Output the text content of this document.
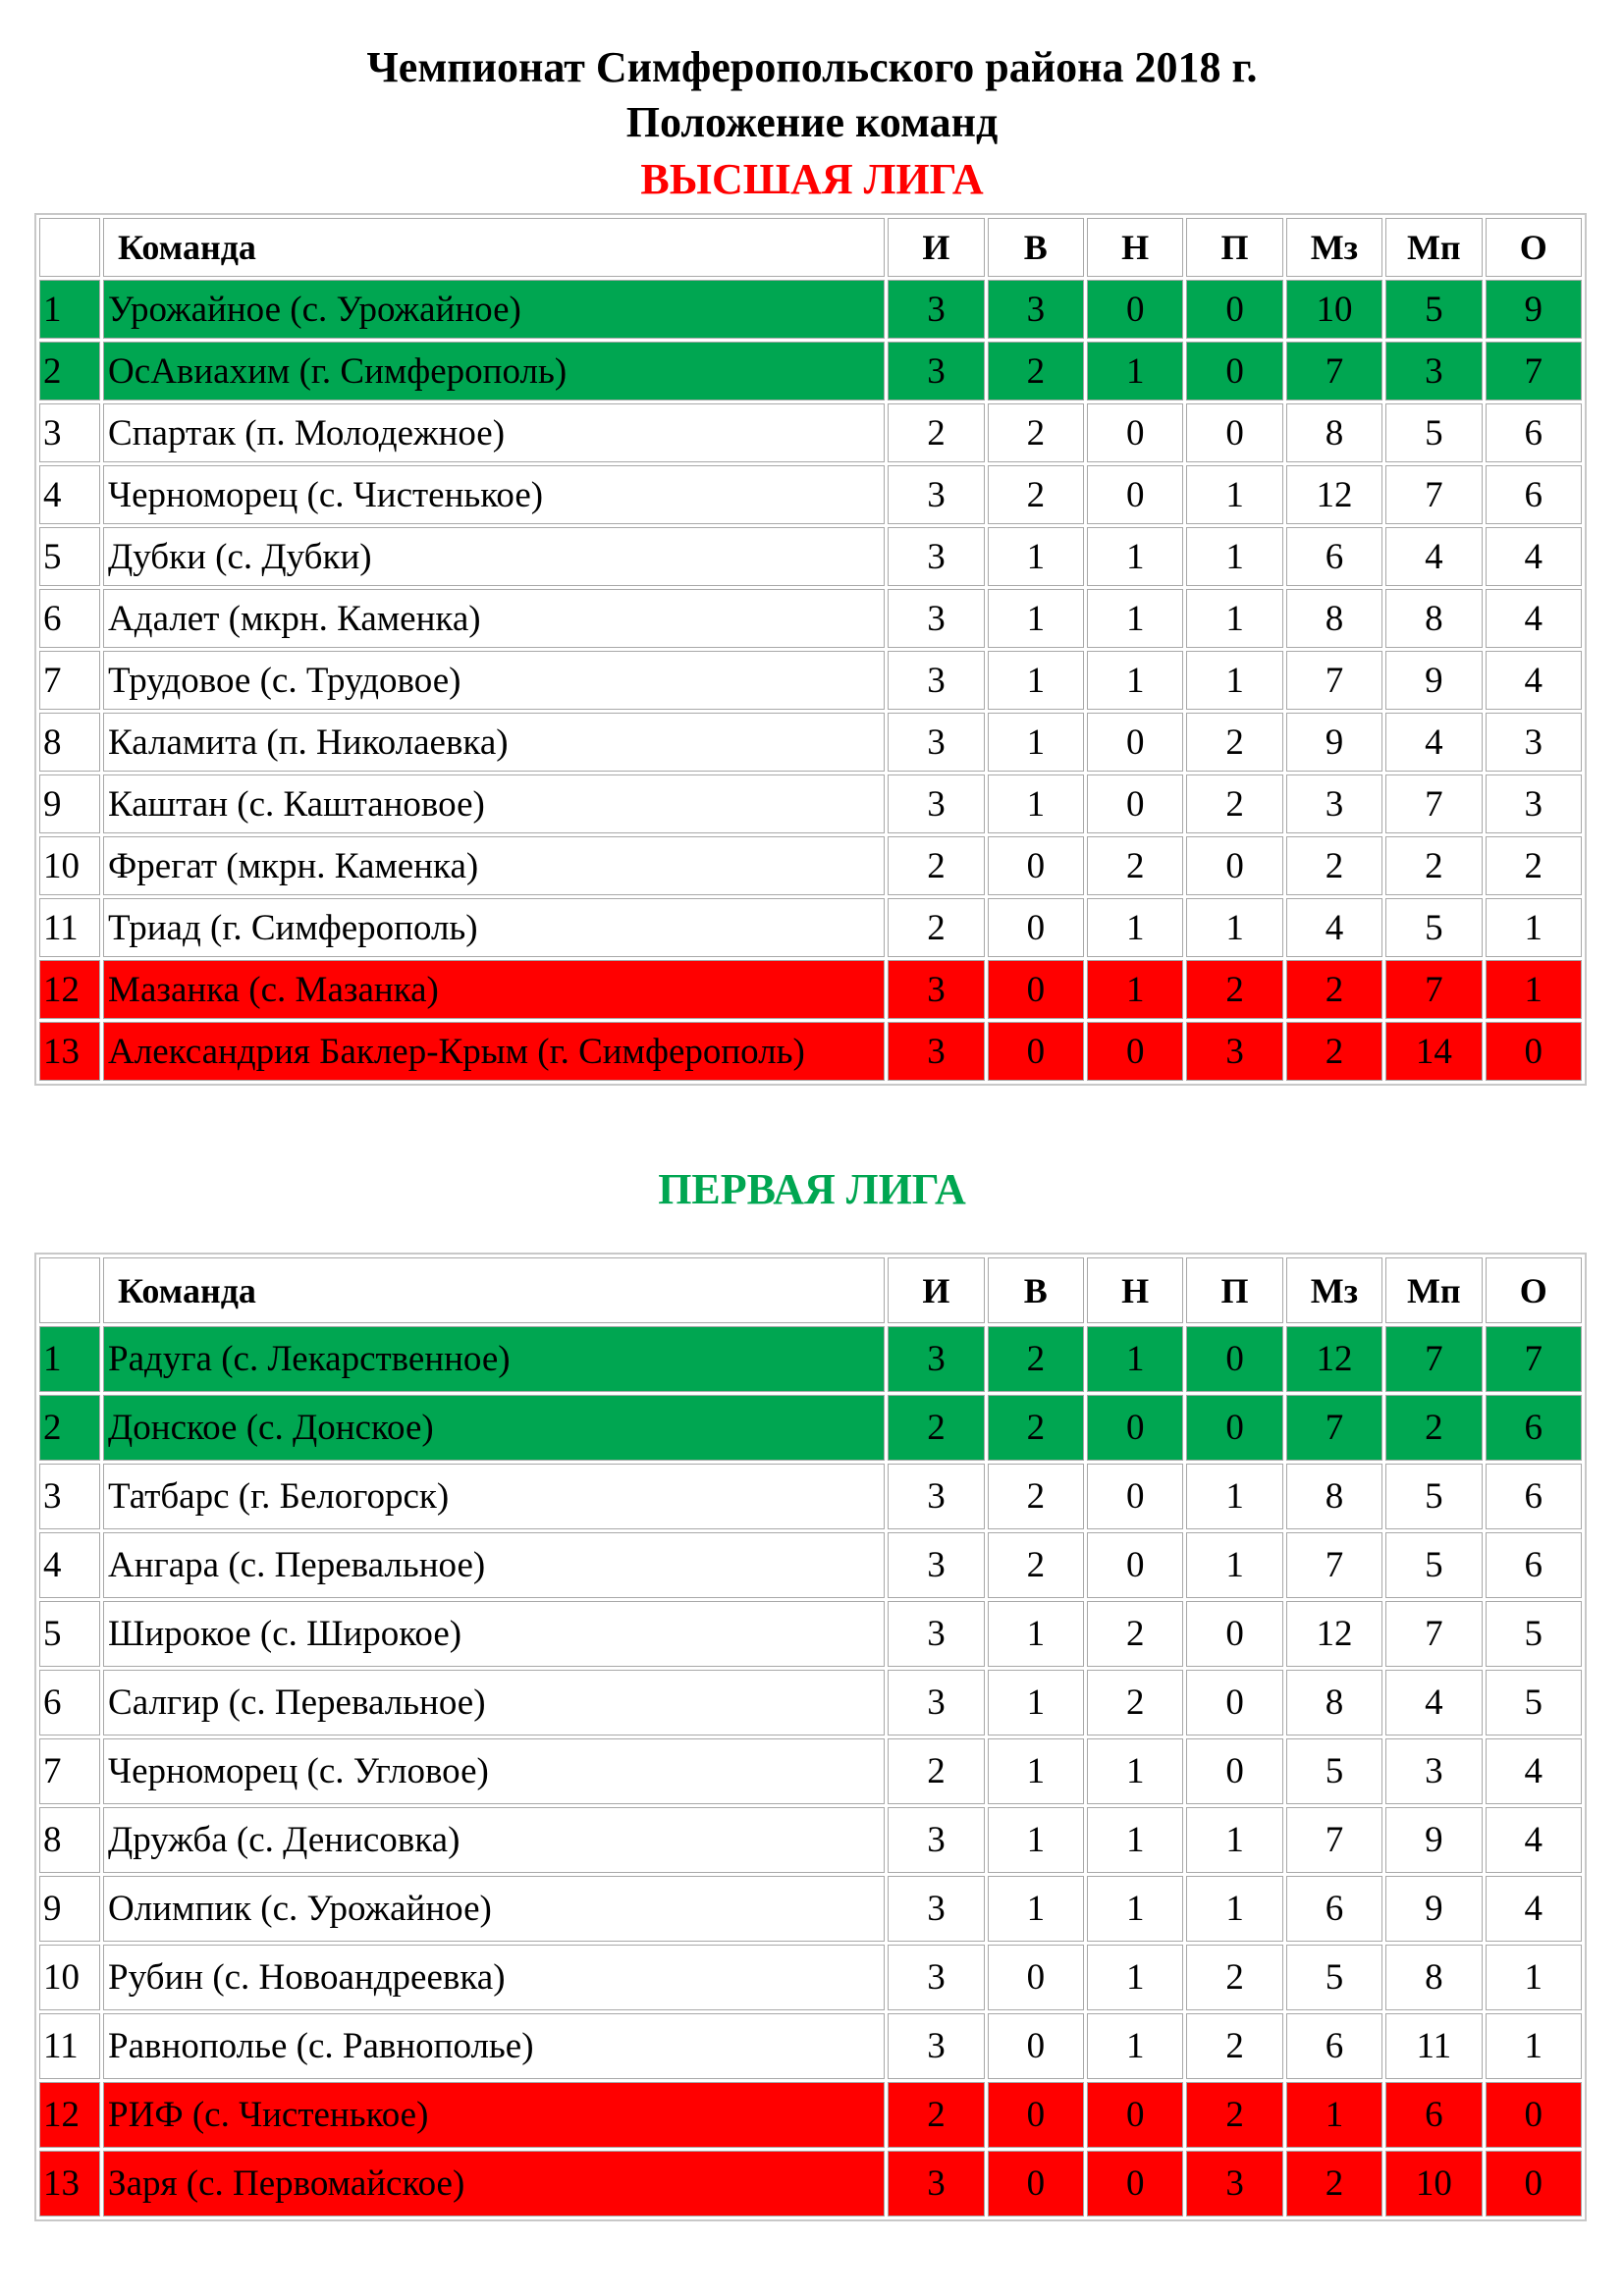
Чемпионат Симферопольского района 2018 г.
Положение команд
ВЫСШАЯ ЛИГА
	Команда	И	В	Н	П	Мз	Мп	О
1	Урожайное (с. Урожайное)	3	3	0	0	10	5	9
2	ОсАвиахим (г. Симферополь)	3	2	1	0	7	3	7
3	Спартак (п. Молодежное)	2	2	0	0	8	5	6
4	Черноморец (с. Чистенькое)	3	2	0	1	12	7	6
5	Дубки (с. Дубки)	3	1	1	1	6	4	4
6	Адалет (мкрн. Каменка)	3	1	1	1	8	8	4
7	Трудовое (с. Трудовое)	3	1	1	1	7	9	4
8	Каламита (п. Николаевка)	3	1	0	2	9	4	3
9	Каштан (с. Каштановое)	3	1	0	2	3	7	3
10	Фрегат (мкрн. Каменка)	2	0	2	0	2	2	2
11	Триад (г. Симферополь)	2	0	1	1	4	5	1
12	Мазанка (с. Мазанка)	3	0	1	2	2	7	1
13	Александрия Баклер-Крым (г. Симферополь)	3	0	0	3	2	14	0
ПЕРВАЯ ЛИГА
	Команда	И	В	Н	П	Мз	Мп	О
1	Радуга (с. Лекарственное)	3	2	1	0	12	7	7
2	Донское (с. Донское)	2	2	0	0	7	2	6
3	Татбарс (г. Белогорск)	3	2	0	1	8	5	6
4	Ангара (с. Перевальное)	3	2	0	1	7	5	6
5	Широкое (с. Широкое)	3	1	2	0	12	7	5
6	Салгир (с. Перевальное)	3	1	2	0	8	4	5
7	Черноморец (с. Угловое)	2	1	1	0	5	3	4
8	Дружба (с. Денисовка)	3	1	1	1	7	9	4
9	Олимпик (с. Урожайное)	3	1	1	1	6	9	4
10	Рубин (с. Новоандреевка)	3	0	1	2	5	8	1
11	Равнополье (с. Равнополье)	3	0	1	2	6	11	1
12	РИФ (с. Чистенькое)	2	0	0	2	1	6	0
13	Заря (с. Первомайское)	3	0	0	3	2	10	0
